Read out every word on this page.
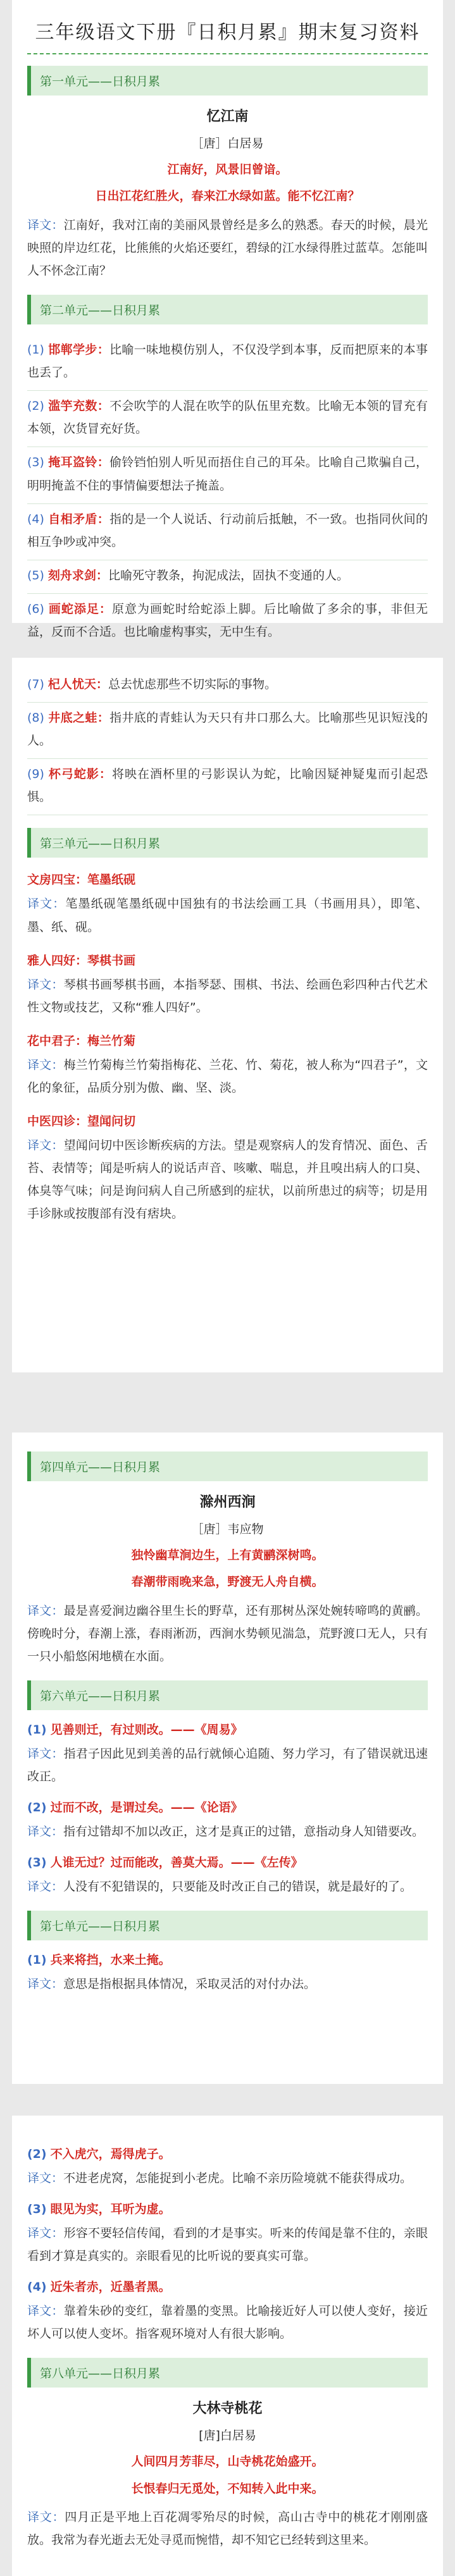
三年级语文下册『日积月累』期末复习资料
第一单元——日积月累
忆江南
［唐］白居易
江南好，风景旧曾谙。
日出江花红胜火，春来江水绿如蓝。能不忆江南？
译文：江南好，我对江南的美丽风景曾经是多么的熟悉。春天的时候，晨光映照的岸边红花，比熊熊的火焰还要红，碧绿的江水绿得胜过蓝草。怎能叫人不怀念江南？
第二单元——日积月累
(1) 邯郸学步：比喻一味地模仿别人，不仅没学到本事，反而把原来的本事也丢了。
(2) 滥竽充数：不会吹竽的人混在吹竽的队伍里充数。比喻无本领的冒充有本领，次货冒充好货。
(3) 掩耳盗铃：偷铃铛怕别人听见而捂住自己的耳朵。比喻自己欺骗自己，明明掩盖不住的事情偏要想法子掩盖。
(4) 自相矛盾：指的是一个人说话、行动前后抵触，不一致。也指同伙间的相互争吵或冲突。
(5) 刻舟求剑：比喻死守教条，拘泥成法，固执不变通的人。
(6) 画蛇添足：原意为画蛇时给蛇添上脚。后比喻做了多余的事，非但无益，反而不合适。也比喻虚构事实，无中生有。
(7) 杞人忧天：总去忧虑那些不切实际的事物。
(8) 井底之蛙：指井底的青蛙认为天只有井口那么大。比喻那些见识短浅的人。
(9) 杯弓蛇影：将映在酒杯里的弓影误认为蛇，比喻因疑神疑鬼而引起恐惧。
第三单元——日积月累
文房四宝：笔墨纸砚
译文：笔墨纸砚笔墨纸砚中国独有的书法绘画工具（书画用具），即笔、墨、纸、砚。
雅人四好：琴棋书画
译文：琴棋书画琴棋书画，本指琴瑟、围棋、书法、绘画色彩四种古代艺术性文物或技艺，又称“雅人四好”。
花中君子：梅兰竹菊
译文：梅兰竹菊梅兰竹菊指梅花、兰花、竹、菊花，被人称为“四君子”，文化的象征，品质分别为傲、幽、坚、淡。
中医四诊：望闻问切
译文：望闻问切中医诊断疾病的方法。望是观察病人的发育情况、面色、舌苔、表情等；闻是听病人的说话声音、咳嗽、喘息，并且嗅出病人的口臭、体臭等气味；问是询问病人自己所感到的症状，以前所患过的病等；切是用手诊脉或按腹部有没有痞块。
第四单元——日积月累
滁州西涧
［唐］韦应物
独怜幽草涧边生，上有黄鹂深树鸣。
春潮带雨晚来急，野渡无人舟自横。
译文：最是喜爱涧边幽谷里生长的野草，还有那树丛深处婉转啼鸣的黄鹂。傍晚时分，春潮上涨，春雨淅沥，西涧水势顿见湍急，荒野渡口无人，只有一只小船悠闲地横在水面。
第六单元——日积月累
(1) 见善则迁，有过则改。——《周易》
译文：指君子因此见到美善的品行就倾心追随、努力学习，有了错误就迅速改正。
(2) 过而不改，是谓过矣。——《论语》
译文：指有过错却不加以改正，这才是真正的过错，意指动身人知错要改。
(3) 人谁无过？过而能改，善莫大焉。——《左传》
译文：人没有不犯错误的，只要能及时改正自己的错误，就是最好的了。
第七单元——日积月累
(1) 兵来将挡，水来土掩。
译文：意思是指根据具体情况，采取灵活的对付办法。
(2) 不入虎穴，焉得虎子。
译文：不进老虎窝，怎能捉到小老虎。比喻不亲历险境就不能获得成功。
(3) 眼见为实，耳听为虚。
译文：形容不要轻信传闻，看到的才是事实。听来的传闻是靠不住的，亲眼看到才算是真实的。亲眼看见的比听说的要真实可靠。
(4) 近朱者赤，近墨者黑。
译文：靠着朱砂的变红，靠着墨的变黑。比喻接近好人可以使人变好，接近坏人可以使人变坏。指客观环境对人有很大影响。
第八单元——日积月累
大林寺桃花
[唐]白居易
人间四月芳菲尽，山寺桃花始盛开。
长恨春归无觅处，不知转入此中来。
译文：四月正是平地上百花凋零殆尽的时候，高山古寺中的桃花才刚刚盛放。我常为春光逝去无处寻觅而惋惜，却不知它已经转到这里来。
